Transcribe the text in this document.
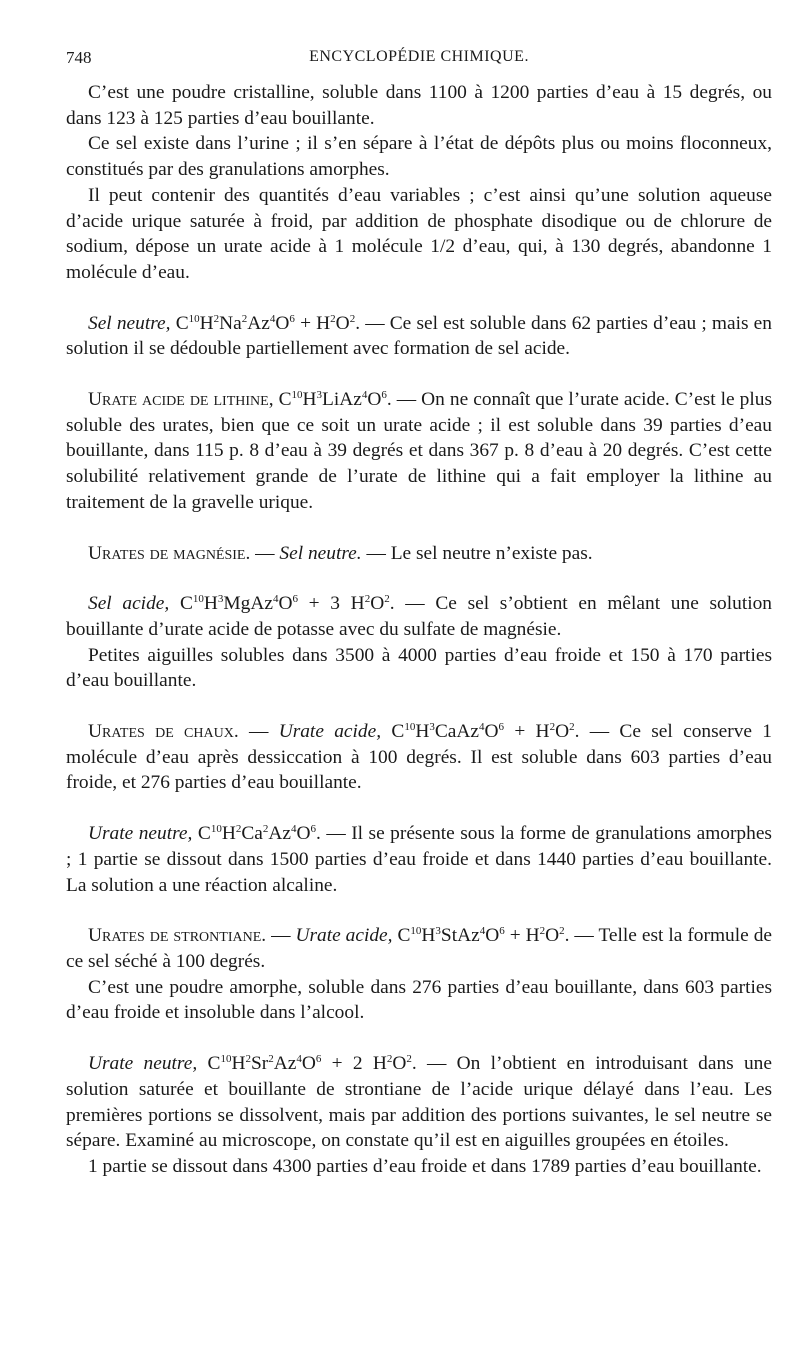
748	ENCYCLOPÉDIE CHIMIQUE.

C’est une poudre cristalline, soluble dans 1100 à 1200 parties d’eau à 15 degrés, ou dans 123 à 125 parties d’eau bouillante.

Ce sel existe dans l’urine ; il s’en sépare à l’état de dépôts plus ou moins floconneux, constitués par des granulations amorphes.

Il peut contenir des quantités d’eau variables ; c’est ainsi qu’une solution aqueuse d’acide urique saturée à froid, par addition de phosphate disodique ou de chlorure de sodium, dépose un urate acide à 1 molécule 1/2 d’eau, qui, à 130 degrés, abandonne 1 molécule d’eau.

Sel neutre, $C^{10}H^2Na^2Az^4O^6 + H^2O^2$. — Ce sel est soluble dans 62 parties d’eau ; mais en solution il se dédouble partiellement avec formation de sel acide.

Urate acide de lithine, $C^{10}H^3LiAz^4O^6$. — On ne connaît que l’urate acide. C’est le plus soluble des urates, bien que ce soit un urate acide ; il est soluble dans 39 parties d’eau bouillante, dans 115 p. 8 d’eau à 39 degrés et dans 367 p. 8 d’eau à 20 degrés. C’est cette solubilité relativement grande de l’urate de lithine qui a fait employer la lithine au traitement de la gravelle urique.

Urates de magnésie. — Sel neutre. — Le sel neutre n’existe pas.

Sel acide, $C^{10}H^3MgAz^4O^6 + 3$ $H^2O^2$. — Ce sel s’obtient en mêlant une solution bouillante d’urate acide de potasse avec du sulfate de magnésie.

Petites aiguilles solubles dans 3500 à 4000 parties d’eau froide et 150 à 170 parties d’eau bouillante.

Urates de chaux. — Urate acide, $C^{10}H^3CaAz^4O^6 + H^2O^2$. — Ce sel conserve 1 molécule d’eau après dessiccation à 100 degrés. Il est soluble dans 603 parties d’eau froide, et 276 parties d’eau bouillante.

Urate neutre, $C^{10}H^2Ca^2Az^4O^6$. — Il se présente sous la forme de granulations amorphes ; 1 partie se dissout dans 1500 parties d’eau froide et dans 1440 parties d’eau bouillante. La solution a une réaction alcaline.

Urates de strontiane. — Urate acide, $C^{10}H^3StAz^4O^6 + H^2O^2$. — Telle est la formule de ce sel séché à 100 degrés.

C’est une poudre amorphe, soluble dans 276 parties d’eau bouillante, dans 603 parties d’eau froide et insoluble dans l’alcool.

Urate neutre, $C^{10}H^2Sr^2Az^4O^6 + 2$ $H^2O^2$. — On l’obtient en introduisant dans une solution saturée et bouillante de strontiane de l’acide urique délayé dans l’eau. Les premières portions se dissolvent, mais par addition des portions suivantes, le sel neutre se sépare. Examiné au microscope, on constate qu’il est en aiguilles groupées en étoiles.

1 partie se dissout dans 4300 parties d’eau froide et dans 1789 parties d’eau bouillante.
